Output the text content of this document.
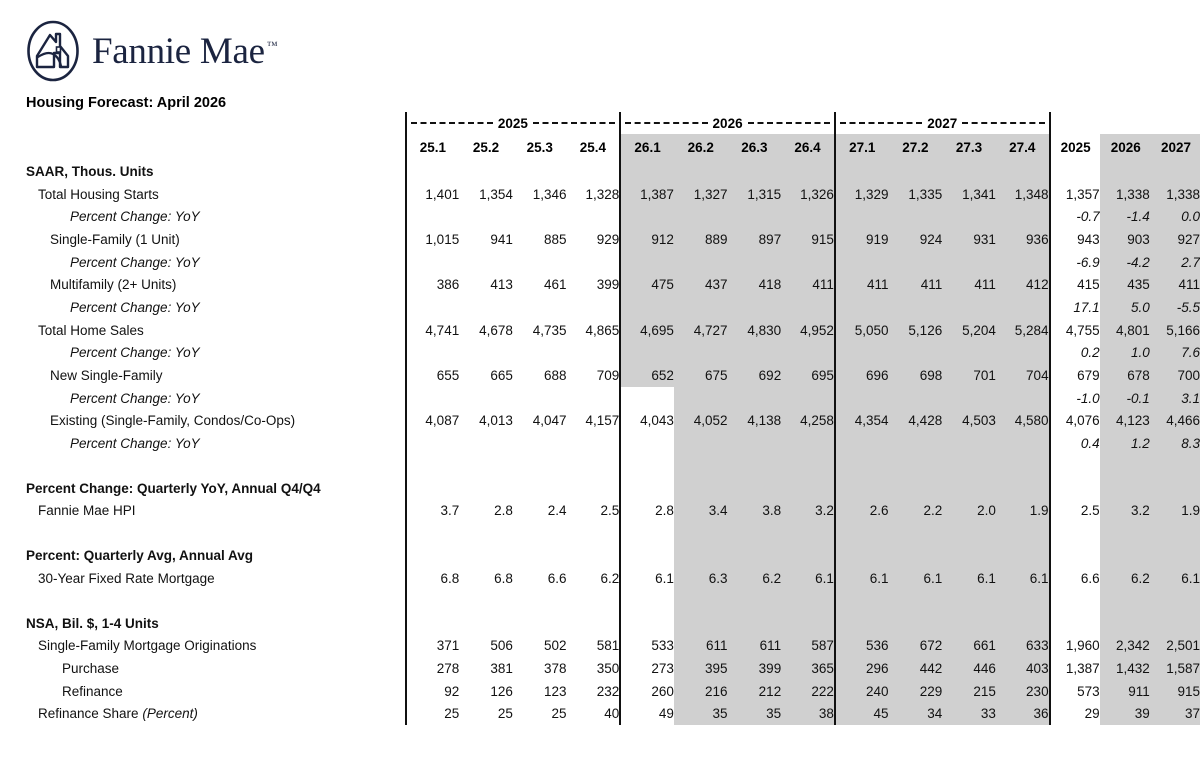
Fannie Mae ™
Housing Forecast: April 2026

	2025				2026				2027						

	25.1	25.2	25.3	25.4	26.1	26.2	26.3	26.4	27.1	27.2	27.3	27.4	2025	2026	2027
SAAR, Thous. Units															
Total Housing Starts	1,401	1,354	1,346	1,328	1,387	1,327	1,315	1,326	1,329	1,335	1,341	1,348	1,357	1,338	1,338
Percent Change: YoY													-0.7	-1.4	0.0
Single-Family (1 Unit)	1,015	941	885	929	912	889	897	915	919	924	931	936	943	903	927
Percent Change: YoY													-6.9	-4.2	2.7
Multifamily (2+ Units)	386	413	461	399	475	437	418	411	411	411	411	412	415	435	411
Percent Change: YoY													17.1	5.0	-5.5
Total Home Sales	4,741	4,678	4,735	4,865	4,695	4,727	4,830	4,952	5,050	5,126	5,204	5,284	4,755	4,801	5,166
Percent Change: YoY													0.2	1.0	7.6
New Single-Family	655	665	688	709	652	675	692	695	696	698	701	704	679	678	700
Percent Change: YoY													-1.0	-0.1	3.1
Existing (Single-Family, Condos/Co-Ops)	4,087	4,013	4,047	4,157	4,043	4,052	4,138	4,258	4,354	4,428	4,503	4,580	4,076	4,123	4,466
Percent Change: YoY													0.4	1.2	8.3

Percent Change: Quarterly YoY, Annual Q4/Q4															
Fannie Mae HPI	3.7	2.8	2.4	2.5	2.8	3.4	3.8	3.2	2.6	2.2	2.0	1.9	2.5	3.2	1.9

Percent: Quarterly Avg, Annual Avg															
30-Year Fixed Rate Mortgage	6.8	6.8	6.6	6.2	6.1	6.3	6.2	6.1	6.1	6.1	6.1	6.1	6.6	6.2	6.1

NSA, Bil. $, 1-4 Units															
Single-Family Mortgage Originations	371	506	502	581	533	611	611	587	536	672	661	633	1,960	2,342	2,501
Purchase	278	381	378	350	273	395	399	365	296	442	446	403	1,387	1,432	1,587
Refinance	92	126	123	232	260	216	212	222	240	229	215	230	573	911	915
Refinance Share (Percent)	25	25	25	40	49	35	35	38	45	34	33	36	29	39	37
